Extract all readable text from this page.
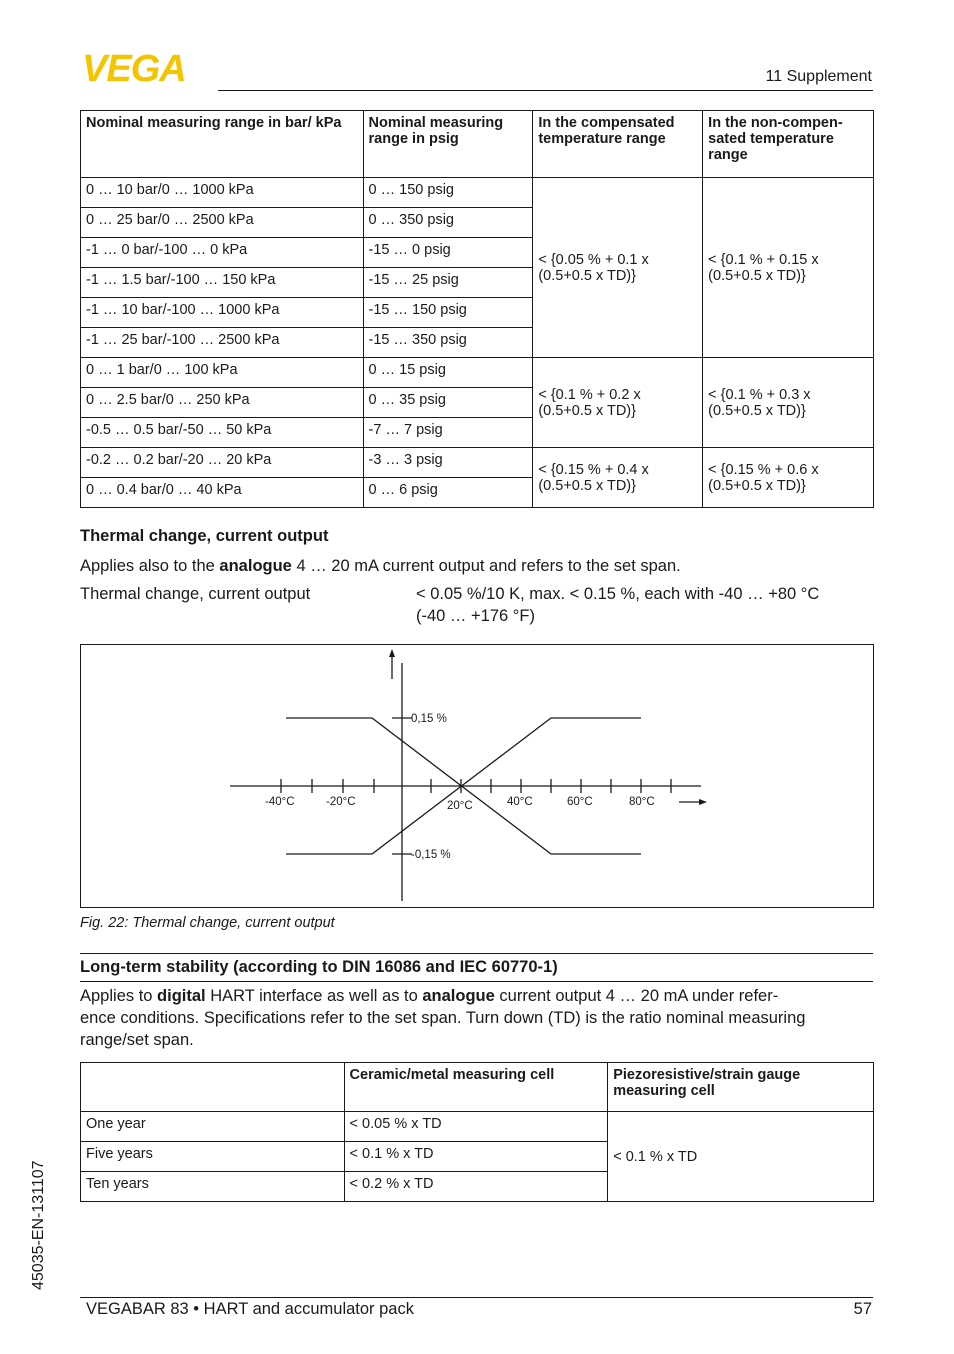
VEGA	11 Supplement
Nominal measuring range in bar/ kPa	Nominal measuring range in psig	In the compensated temperature range	In the non-compen- sated temperature range
0 … 10 bar/0 … 1000 kPa	0 … 150 psig	< {0.05 % + 0.1 x (0.5+0.5 x TD)}	< {0.1 % + 0.15 x (0.5+0.5 x TD)}
0 … 25 bar/0 … 2500 kPa	0 … 350 psig		
-1 … 0 bar/-100 … 0 kPa	-15 … 0 psig		
-1 … 1.5 bar/-100 … 150 kPa	-15 … 25 psig		
-1 … 10 bar/-100 … 1000 kPa	-15 … 150 psig		
-1 … 25 bar/-100 … 2500 kPa	-15 … 350 psig		
0 … 1 bar/0 … 100 kPa	0 … 15 psig	< {0.1 % + 0.2 x (0.5+0.5 x TD)}	< {0.1 % + 0.3 x (0.5+0.5 x TD)}
0 … 2.5 bar/0 … 250 kPa	0 … 35 psig		
-0.5 … 0.5 bar/-50 … 50 kPa	-7 … 7 psig		
-0.2 … 0.2 bar/-20 … 20 kPa	-3 … 3 psig	< {0.15 % + 0.4 x (0.5+0.5 x TD)}	< {0.15 % + 0.6 x (0.5+0.5 x TD)}
0 … 0.4 bar/0 … 40 kPa	0 … 6 psig		
Thermal change, current output
Applies also to the analogue 4 … 20 mA current output and refers to the set span.
Thermal change, current output	< 0.05 %/10 K, max. < 0.15 %, each with -40 … +80 °C
(-40 … +176 °F)
0,15 %
-0,15 %
-40°C	-20°C	20°C	40°C	60°C	80°C
Fig. 22: Thermal change, current output
Long-term stability (according to DIN 16086 and IEC 60770-1)
Applies to digital HART interface as well as to analogue current output 4 … 20 mA under refer-
ence conditions. Specifications refer to the set span. Turn down (TD) is the ratio nominal measuring
range/set span.
	Ceramic/metal measuring cell	Piezoresistive/strain gauge measuring cell
One year	< 0.05 % x TD	< 0.1 % x TD
Five years	< 0.1 % x TD	
Ten years	< 0.2 % x TD	
45035-EN-131107
VEGABAR 83 • HART and accumulator pack	57
